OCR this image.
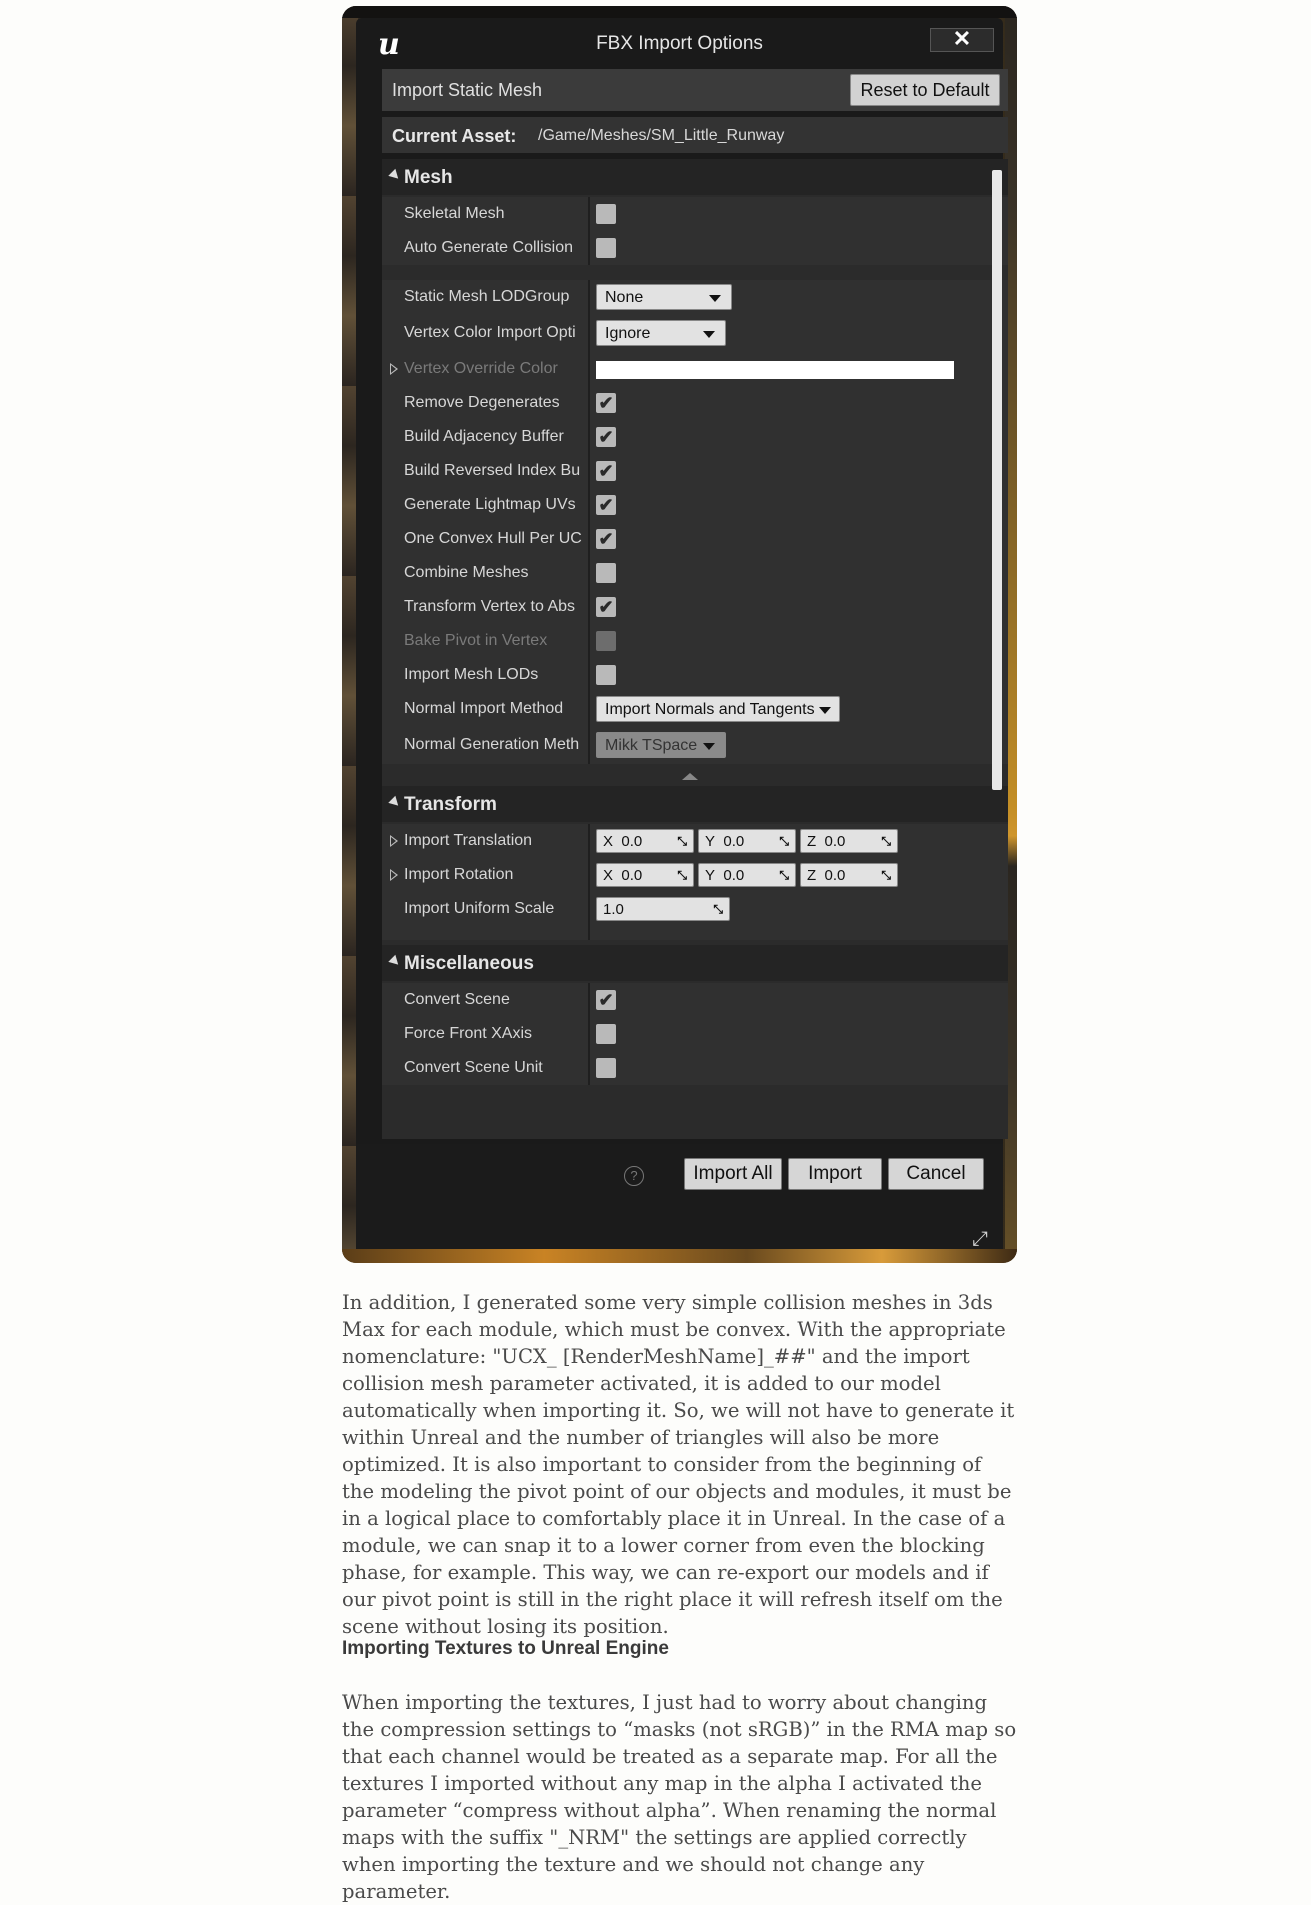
u	FBX Import Options	✕
Import Static Mesh	Reset to Default
Current Asset: /Game/Meshes/SM_Little_Runway
Mesh
Skeletal Mesh
Auto Generate Collision
Static Mesh LODGroup	None
Vertex Color Import Opti	Ignore
Vertex Override Color
Remove Degenerates	✔
Build Adjacency Buffer	✔
Build Reversed Index Bu	✔
Generate Lightmap UVs	✔
One Convex Hull Per UC ✔
Combine Meshes
Transform Vertex to Abs	✔
Bake Pivot in Vertex
Import Mesh LODs
Normal Import Method	Import Normals and Tangents
Normal Generation Meth	Mikk TSpace
Transform
Import Translation	X 0.0	⤡	Y 0.0	⤡	Z 0.0	⤡
Import Rotation	X 0.0	⤡	Y 0.0	⤡	Z 0.0	⤡
Import Uniform Scale	1.0	⤡
Miscellaneous
Convert Scene	✔
Force Front XAxis
Convert Scene Unit
?	Import All	Import	Cancel
⤢

In addition, I generated some very simple collision meshes in 3ds Max for each module, which must be convex. With the appropriate nomenclature: "UCX_ [RenderMeshName]_##" and the import collision mesh parameter activated, it is added to our model automatically when importing it. So, we will not have to generate it within Unreal and the number of triangles will also be more optimized. It is also important to consider from the beginning of the modeling the pivot point of our objects and modules, it must be in a logical place to comfortably place it in Unreal. In the case of a module, we can snap it to a lower corner from even the blocking phase, for example. This way, we can re-export our models and if our pivot point is still in the right place it will refresh itself om the scene without losing its position.

Importing Textures to Unreal Engine

When importing the textures, I just had to worry about changing the compression settings to “masks (not sRGB)” in the RMA map so that each channel would be treated as a separate map. For all the textures I imported without any map in the alpha I activated the parameter “compress without alpha”. When renaming the normal maps with the suffix "_NRM" the settings are applied correctly when importing the texture and we should not change any parameter.
